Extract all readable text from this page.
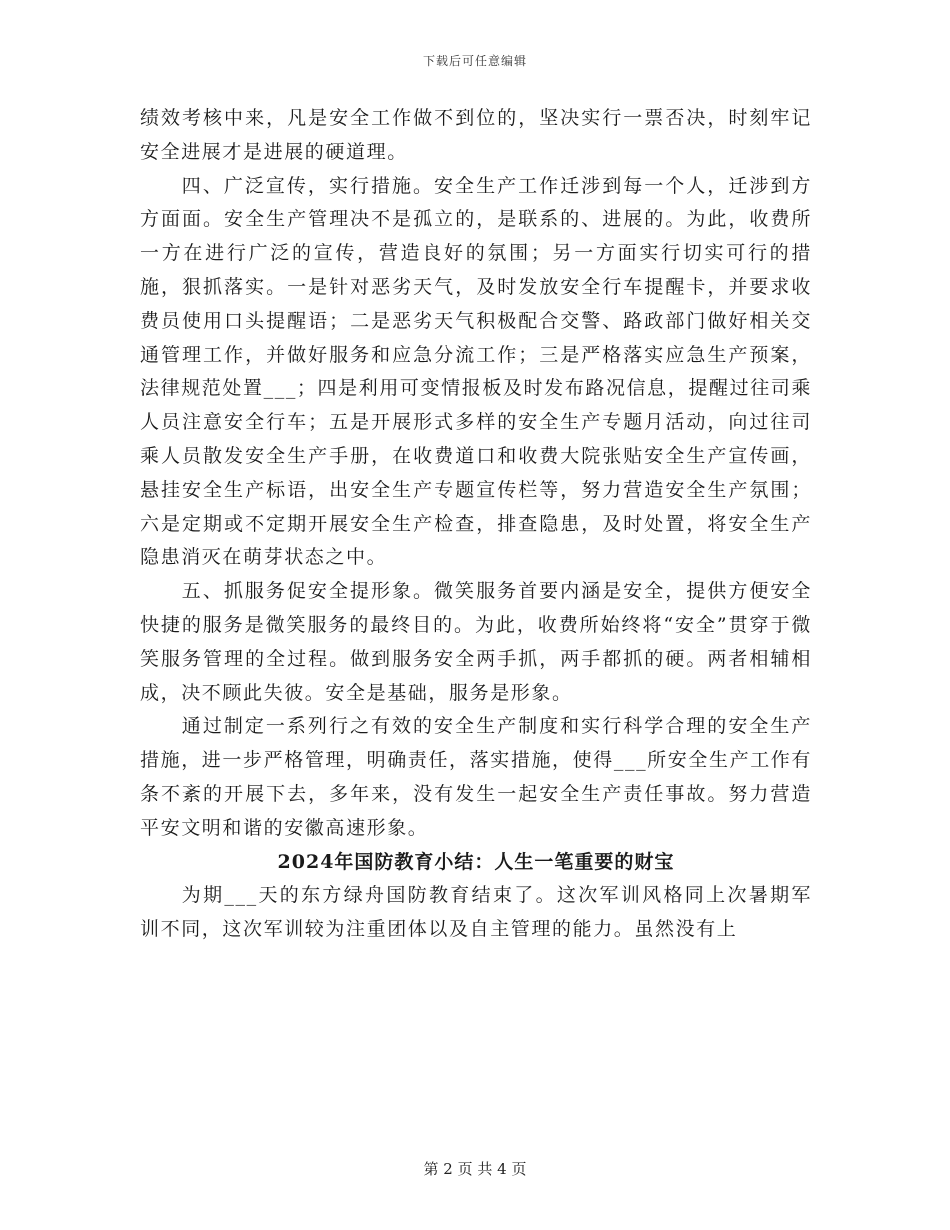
下载后可任意编辑

绩效考核中来，凡是安全工作做不到位的，坚决实行一票否决，时刻牢记安全进展才是进展的硬道理。

四、广泛宣传，实行措施。安全生产工作迁涉到每一个人，迁涉到方方面面。安全生产管理决不是孤立的，是联系的、进展的。为此，收费所一方在进行广泛的宣传，营造良好的氛围；另一方面实行切实可行的措施，狠抓落实。一是针对恶劣天气，及时发放安全行车提醒卡，并要求收费员使用口头提醒语；二是恶劣天气积极配合交警、路政部门做好相关交通管理工作，并做好服务和应急分流工作；三是严格落实应急生产预案，法律规范处置___；四是利用可变情报板及时发布路况信息，提醒过往司乘人员注意安全行车；五是开展形式多样的安全生产专题月活动，向过往司乘人员散发安全生产手册，在收费道口和收费大院张贴安全生产宣传画，悬挂安全生产标语，出安全生产专题宣传栏等，努力营造安全生产氛围；六是定期或不定期开展安全生产检查，排查隐患，及时处置，将安全生产隐患消灭在萌芽状态之中。

五、抓服务促安全提形象。微笑服务首要内涵是安全，提供方便安全快捷的服务是微笑服务的最终目的。为此，收费所始终将“安全”贯穿于微笑服务管理的全过程。做到服务安全两手抓，两手都抓的硬。两者相辅相成，决不顾此失彼。安全是基础，服务是形象。

通过制定一系列行之有效的安全生产制度和实行科学合理的安全生产措施，进一步严格管理，明确责任，落实措施，使得___所安全生产工作有条不紊的开展下去，多年来，没有发生一起安全生产责任事故。努力营造平安文明和谐的安徽高速形象。

2024年国防教育小结：人生一笔重要的财宝

为期___天的东方绿舟国防教育结束了。这次军训风格同上次暑期军训不同，这次军训较为注重团体以及自主管理的能力。虽然没有上

第 2 页 共 4 页
